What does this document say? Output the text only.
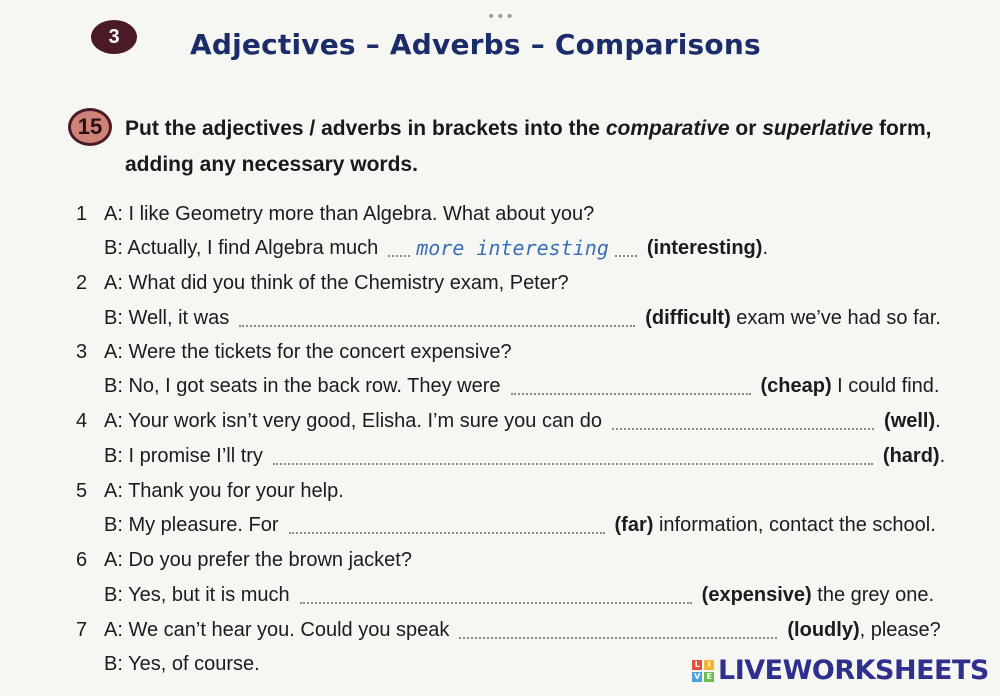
•••
3	Adjectives – Adverbs – Comparisons
15	Put the adjectives / adverbs in brackets into the comparative or superlative form, adding any necessary words.
1 A: I like Geometry more than Algebra. What about you?
B: Actually, I find Algebra much more interesting (interesting) .
2 A: What did you think of the Chemistry exam, Peter?
B: Well, it was	(difficult) exam we’ve had so far.
3 A: Were the tickets for the concert expensive?
B: No, I got seats in the back row. They were	(cheap) I could find.
4 A: Your work isn’t very good, Elisha. I’m sure you can do	(well) .
B: I promise I’ll try	(hard) .
5 A: Thank you for your help.
B: My pleasure. For	(far) information, contact the school.
6 A: Do you prefer the brown jacket?
B: Yes, but it is much	(expensive) the grey one.
7 A: We can’t hear you. Could you speak	(loudly) , please?
B: Yes, of course.	L	I
V E LIVEWORKSHEETS
